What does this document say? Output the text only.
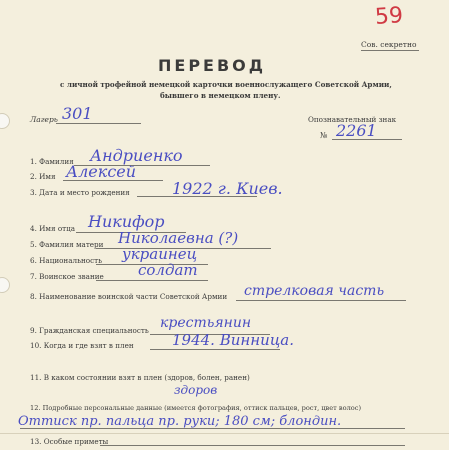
59
Сов. секретно
ПЕРЕВОД
с личной трофейной немецкой карточки военнослужащего Советской Армии,
бывшего в немецком плену.
Лагерь 301	Опознавательный знак
№ 2261
1. Фамилия Андриенко
2. Имя Алексей
3. Дата и место рождения	1922 г. Киев.
4. Имя отца Никифор
5. Фамилия матери Николаевна (?)
6. Национальность украинец
7. Воинское звание солдат
8. Наименование воинской части Советской Армии стрелковая часть
9. Гражданская специальность крестьянин
10. Когда и где взят в плен	1944. Винница.
11. В каком состоянии взят в плен (здоров, болен, ранен)
здоров
12. Подробные персональные данные (имеется фотография, оттиск пальцев, рост, цвет волос)
Оттиск пр. пальца пр. руки; 180 см; блондин.
13. Особые приметы
